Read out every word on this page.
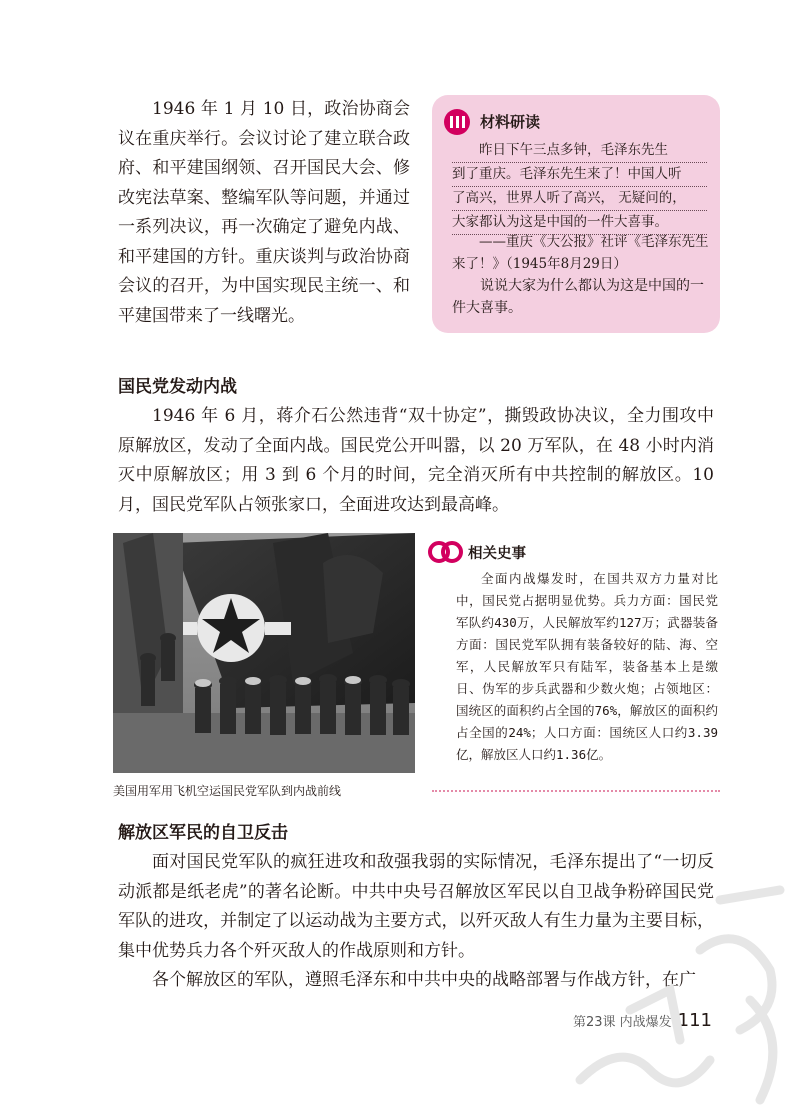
1946 年 1 月 10 日，政治协商会议在重庆举行。会议讨论了建立联合政府、和平建国纲领、召开国民大会、修改宪法草案、整编军队等问题，并通过一系列决议，再一次确定了避免内战、和平建国的方针。重庆谈判与政治协商会议的召开，为中国实现民主统一、和平建国带来了一线曙光。

材料研读
　　昨日下午三点多钟，毛泽东先生
到了重庆。毛泽东先生来了！中国人听
了高兴，世界人听了高兴， 无疑问的，
大家都认为这是中国的一件大喜事。

——重庆《大公报》社评《毛泽东先生来了！》（1945年8月29日）

说说大家为什么都认为这是中国的一件大喜事。

国民党发动内战

1946 年 6 月，蒋介石公然违背“双十协定”，撕毁政协决议，全力围攻中原解放区，发动了全面内战。国民党公开叫嚣，以 20 万军队，在 48 小时内消灭中原解放区；用 3 到 6 个月的时间，完全消灭所有中共控制的解放区。10 月，国民党军队占领张家口，全面进攻达到最高峰。

美国用军用飞机空运国民党军队到内战前线

相关史事

全面内战爆发时，在国共双方力量对比中，国民党占据明显优势。兵力方面：国民党军队约430万，人民解放军约127万；武器装备方面：国民党军队拥有装备较好的陆、海、空军，人民解放军只有陆军，装备基本上是缴日、伪军的步兵武器和少数火炮；占领地区：国统区的面积约占全国的76%，解放区的面积约占全国的24%；人口方面：国统区人口约3.39亿，解放区人口约1.36亿。

解放区军民的自卫反击

面对国民党军队的疯狂进攻和敌强我弱的实际情况，毛泽东提出了“一切反动派都是纸老虎”的著名论断。中共中央号召解放区军民以自卫战争粉碎国民党军队的进攻，并制定了以运动战为主要方式，以歼灭敌人有生力量为主要目标，集中优势兵力各个歼灭敌人的作战原则和方针。

各个解放区的军队，遵照毛泽东和中共中央的战略部署与作战方针，在广

第23课 内战爆发 111
